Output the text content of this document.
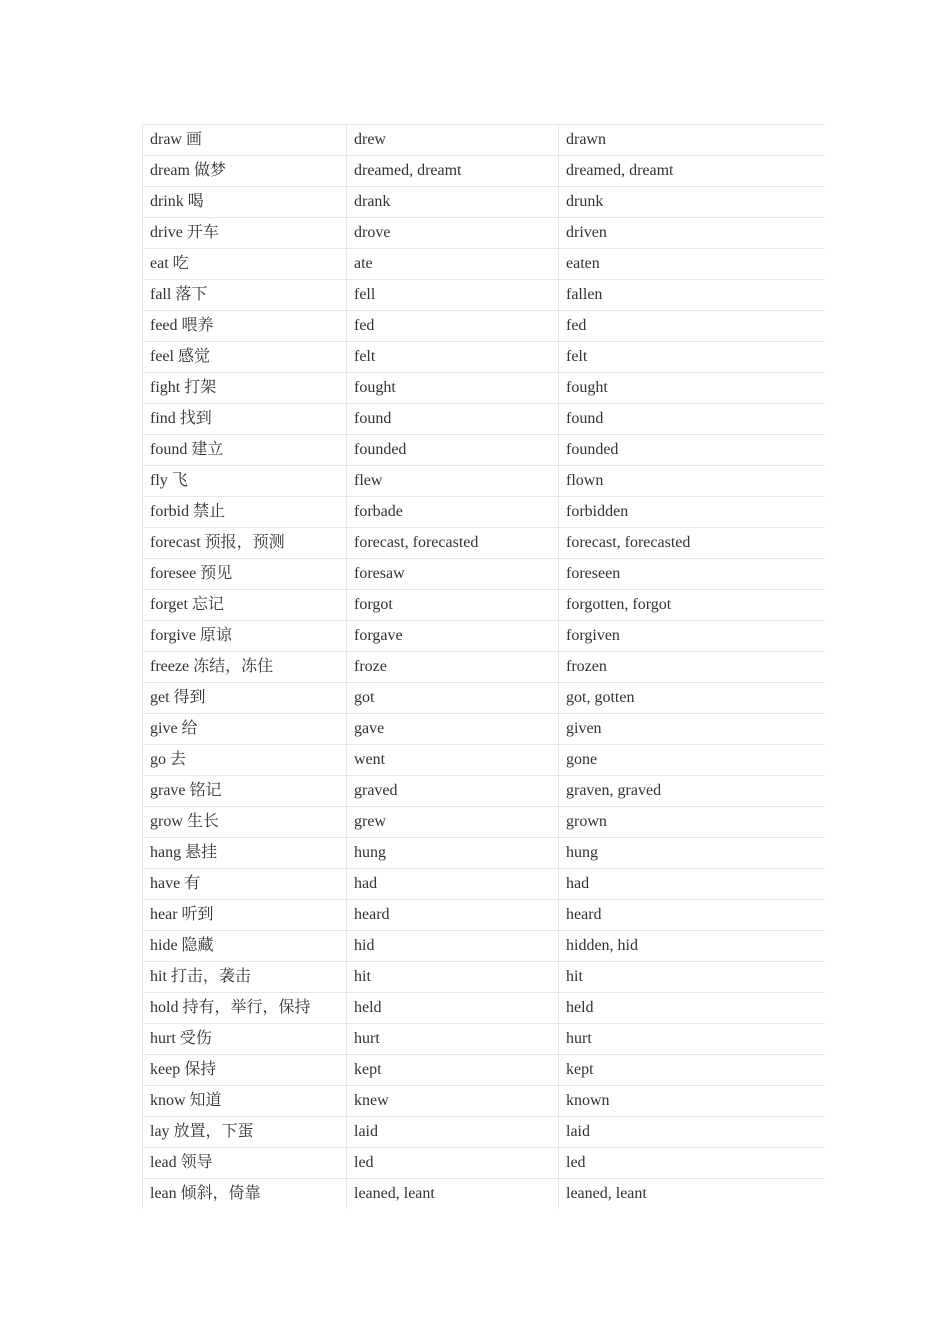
draw 画	drew	drawn
dream 做梦	dreamed, dreamt	dreamed, dreamt
drink 喝	drank	drunk
drive 开车	drove	driven
eat 吃	ate	eaten
fall 落下	fell	fallen
feed 喂养	fed	fed
feel 感觉	felt	felt
fight 打架	fought	fought
find 找到	found	found
found 建立	founded	founded
fly 飞	flew	flown
forbid 禁止	forbade	forbidden
forecast 预报，预测	forecast, forecasted	forecast, forecasted
foresee 预见	foresaw	foreseen
forget 忘记	forgot	forgotten, forgot
forgive 原谅	forgave	forgiven
freeze 冻结，冻住	froze	frozen
get 得到	got	got, gotten
give 给	gave	given
go 去	went	gone
grave 铭记	graved	graven, graved
grow 生长	grew	grown
hang 悬挂	hung	hung
have 有	had	had
hear 听到	heard	heard
hide 隐藏	hid	hidden, hid
hit 打击，袭击	hit	hit
hold 持有，举行，保持	held	held
hurt 受伤	hurt	hurt
keep 保持	kept	kept
know 知道	knew	known
lay 放置，下蛋	laid	laid
lead 领导	led	led
lean 倾斜，倚靠	leaned, leant	leaned, leant
